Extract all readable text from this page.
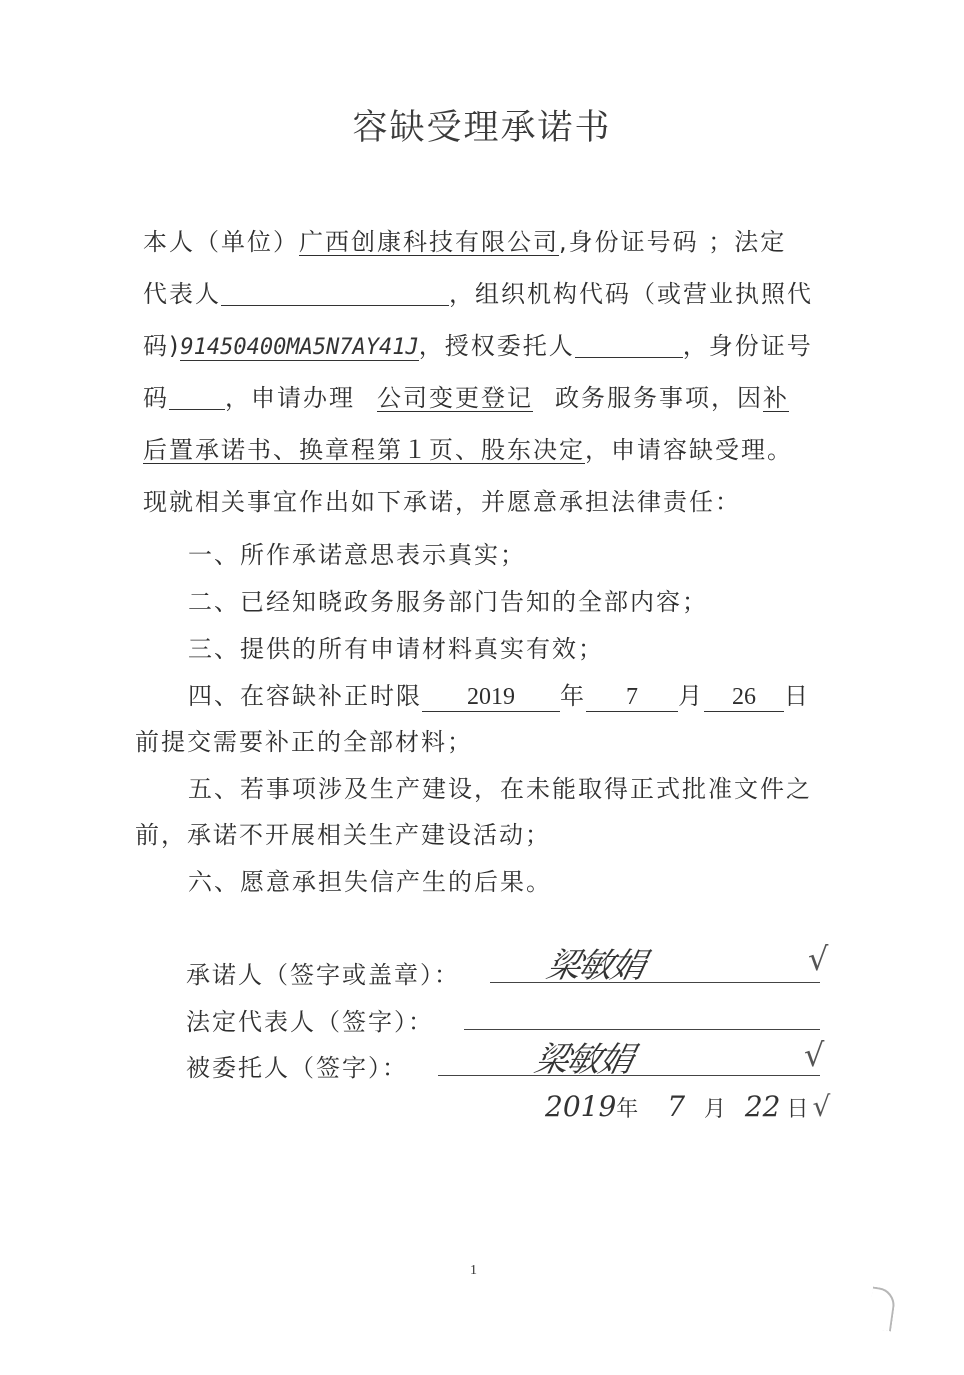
容缺受理承诺书
本人（单位）广西创康科技有限公司,身份证号码 ；法定
代表人	，组织机构代码（或营业执照代
码)91450400MA5N7AY41J，授权委托人	，身份证号
码 ，申请办理 公司变更登记 政务服务事项，因补
后置承诺书、换章程第１页、股东决定，申请容缺受理。
现就相关事宜作出如下承诺，并愿意承担法律责任：
一、所作承诺意思表示真实；
二、已经知晓政务服务部门告知的全部内容；
三、提供的所有申请材料真实有效；
四、在容缺补正时限 2019 年 7 月 26 日
前提交需要补正的全部材料；
五、若事项涉及生产建设，在未能取得正式批准文件之
前，承诺不开展相关生产建设活动；
六、愿意承担失信产生的后果。
承诺人（签字或盖章）： 梁敏娟	√
法定代表人（签字）：
被委托人（签字）：	梁敏娟	√
2019年 7 月 22 日 √
1
